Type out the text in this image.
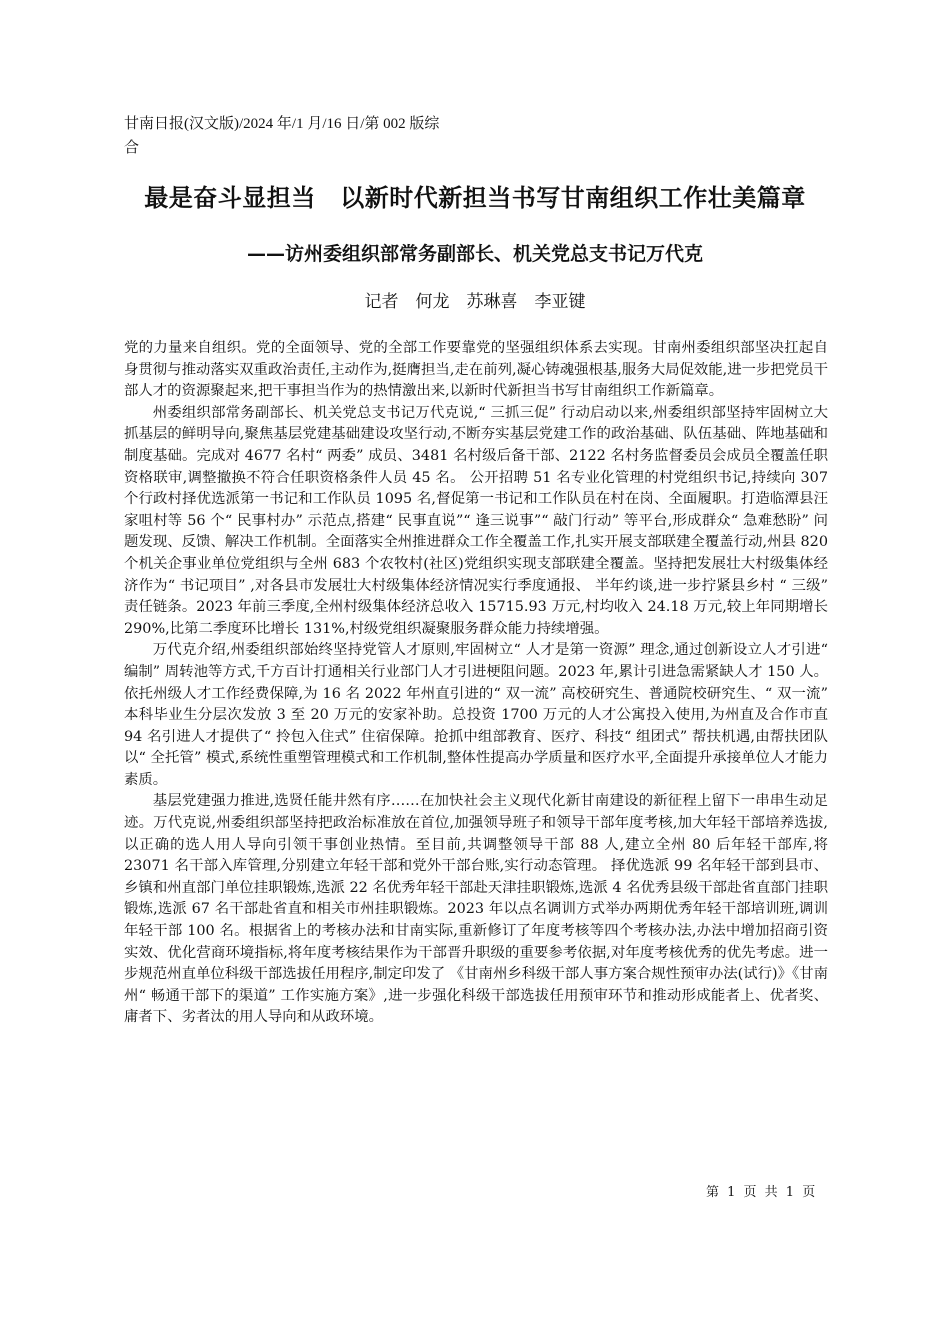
甘南日报(汉文版)/2024 年/1 月/16 日/第 002 版综合
最是奋斗显担当　以新时代新担当书写甘南组织工作壮美篇章
——访州委组织部常务副部长、机关党总支书记万代克
记者　何龙　苏琳喜　李亚键

党的力量来自组织。党的全面领导、党的全部工作要靠党的坚强组织体系去实现。甘南州委组织部坚决扛起自身贯彻与推动落实双重政治责任,主动作为,挺膺担当,走在前列,凝心铸魂强根基,服务大局促效能,进一步把党员干部人才的资源聚起来,把干事担当作为的热情激出来,以新时代新担当书写甘南组织工作新篇章。

州委组织部常务副部长、机关党总支书记万代克说,“ 三抓三促” 行动启动以来,州委组织部坚持牢固树立大抓基层的鲜明导向,聚焦基层党建基础建设攻坚行动,不断夯实基层党建工作的政治基础、队伍基础、阵地基础和制度基础。完成对 4677 名村“ 两委” 成员、3481 名村级后备干部、2122 名村务监督委员会成员全覆盖任职资格联审,调整撤换不符合任职资格条件人员 45 名。 公开招聘 51 名专业化管理的村党组织书记,持续向 307 个行政村择优选派第一书记和工作队员 1095 名,督促第一书记和工作队员在村在岗、全面履职。打造临潭县汪家咀村等 56 个“ 民事村办” 示范点,搭建“ 民事直说”“ 逢三说事”“ 敲门行动” 等平台,形成群众“ 急难愁盼” 问题发现、反馈、解决工作机制。全面落实全州推进群众工作全覆盖工作,扎实开展支部联建全覆盖行动,州县 820 个机关企事业单位党组织与全州 683 个农牧村(社区)党组织实现支部联建全覆盖。坚持把发展壮大村级集体经济作为“ 书记项目” ,对各县市发展壮大村级集体经济情况实行季度通报、 半年约谈,进一步拧紧县乡村 “ 三级” 责任链条。2023 年前三季度,全州村级集体经济总收入 15715.93 万元,村均收入 24.18 万元,较上年同期增长 290%,比第二季度环比增长 131%,村级党组织凝聚服务群众能力持续增强。

万代克介绍,州委组织部始终坚持党管人才原则,牢固树立“ 人才是第一资源” 理念,通过创新设立人才引进“ 编制” 周转池等方式,千方百计打通相关行业部门人才引进梗阻问题。2023 年,累计引进急需紧缺人才 150 人。依托州级人才工作经费保障,为 16 名 2022 年州直引进的“ 双一流” 高校研究生、普通院校研究生、“ 双一流” 本科毕业生分层次发放 3 至 20 万元的安家补助。总投资 1700 万元的人才公寓投入使用,为州直及合作市直 94 名引进人才提供了“ 拎包入住式” 住宿保障。抢抓中组部教育、医疗、科技“ 组团式” 帮扶机遇,由帮扶团队以“ 全托管” 模式,系统性重塑管理模式和工作机制,整体性提高办学质量和医疗水平,全面提升承接单位人才能力素质。

基层党建强力推进,选贤任能井然有序……在加快社会主义现代化新甘南建设的新征程上留下一串串生动足迹。万代克说,州委组织部坚持把政治标准放在首位,加强领导班子和领导干部年度考核,加大年轻干部培养选拔,以正确的选人用人导向引领干事创业热情。至目前,共调整领导干部 88 人,建立全州 80 后年轻干部库,将 23071 名干部入库管理,分别建立年轻干部和党外干部台账,实行动态管理。 择优选派 99 名年轻干部到县市、 乡镇和州直部门单位挂职锻炼,选派 22 名优秀年轻干部赴天津挂职锻炼,选派 4 名优秀县级干部赴省直部门挂职锻炼,选派 67 名干部赴省直和相关市州挂职锻炼。2023 年以点名调训方式举办两期优秀年轻干部培训班,调训年轻干部 100 名。根据省上的考核办法和甘南实际,重新修订了年度考核等四个考核办法,办法中增加招商引资实效、优化营商环境指标,将年度考核结果作为干部晋升职级的重要参考依据,对年度考核优秀的优先考虑。进一步规范州直单位科级干部选拔任用程序,制定印发了 《甘南州乡科级干部人事方案合规性预审办法(试行)》《甘南州“ 畅通干部下的渠道” 工作实施方案》,进一步强化科级干部选拔任用预审环节和推动形成能者上、优者奖、庸者下、劣者汰的用人导向和从政环境。

第 1 页 共 1 页
